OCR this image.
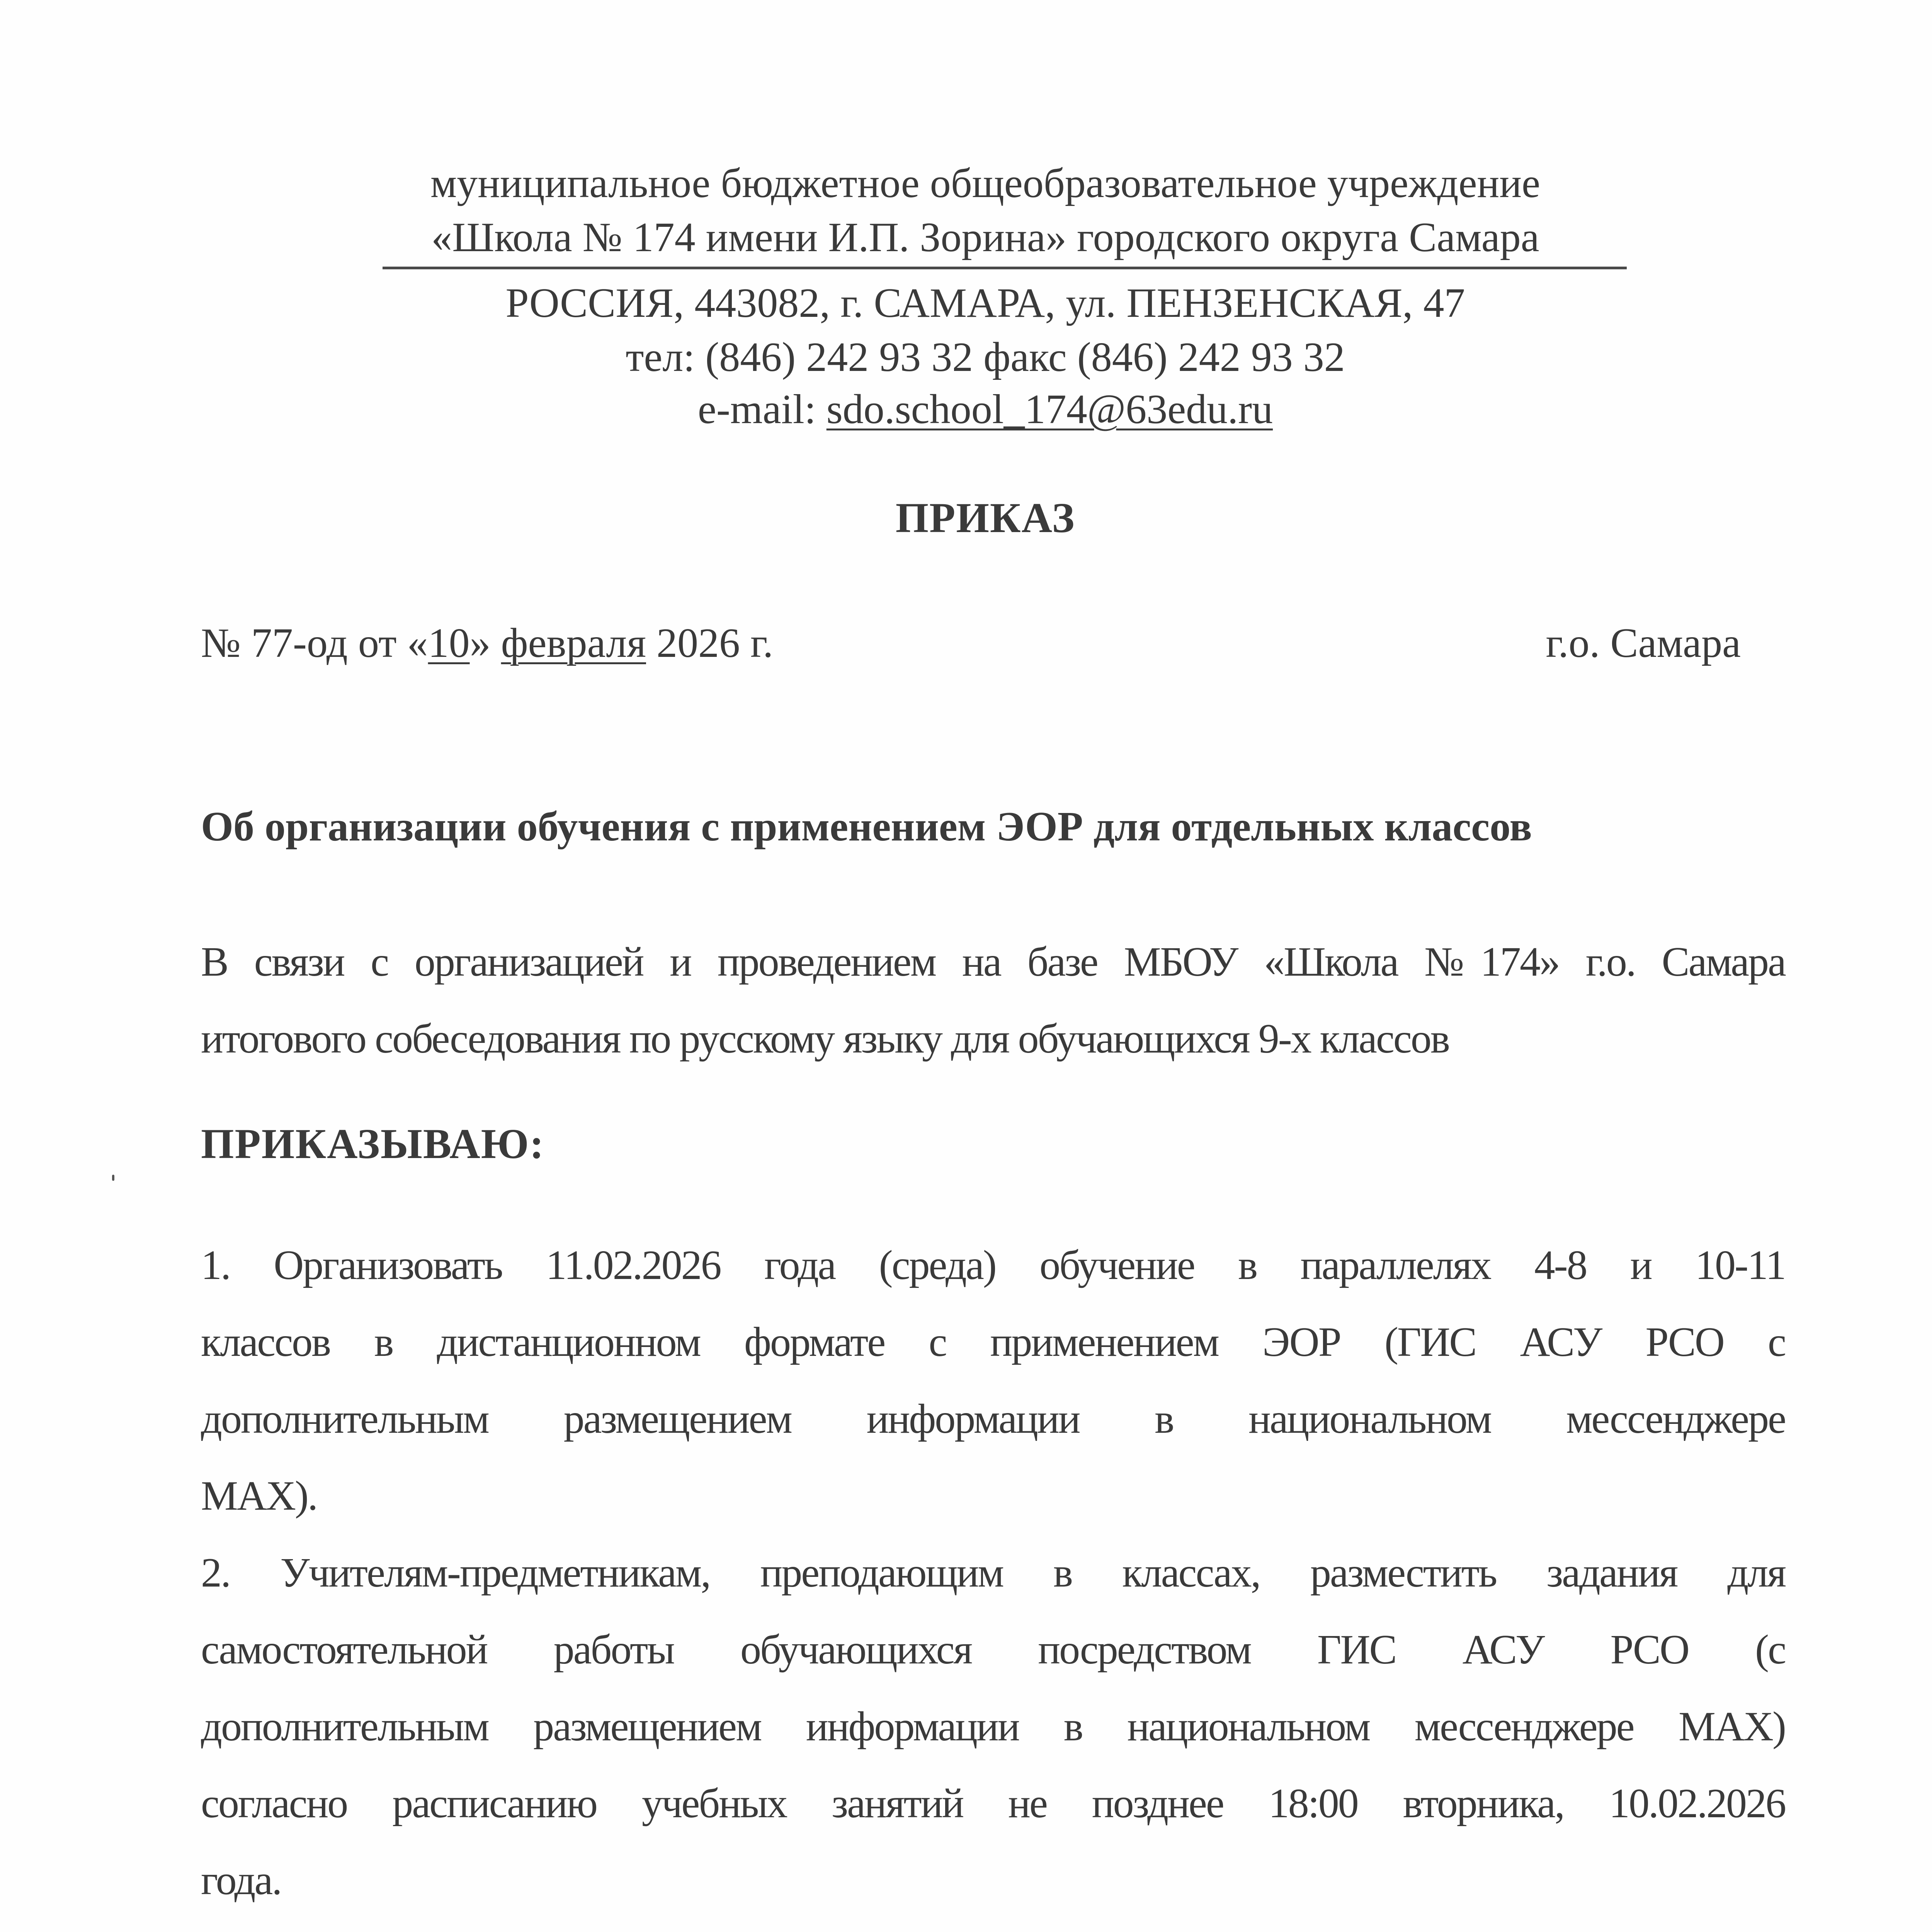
муниципальное бюджетное общеобразовательное учреждение
«Школа № 174 имени И.П. Зорина» городского округа Самара
РОССИЯ, 443082, г. САМАРА, ул. ПЕНЗЕНСКАЯ, 47
тел: (846) 242 93 32 факс (846) 242 93 32
e-mail: sdo.school_174@63edu.ru
ПРИКАЗ
№ 77-од от «10» февраля 2026 г.	г.о. Самара
Об организации обучения с применением ЭОР для отдельных классов
В связи с организацией и проведением на базе МБОУ «Школа №174» г.о. Самара
итогового собеседования по русскому языку для обучающихся 9-х классов
ПРИКАЗЫВАЮ:
1. Организовать 11.02.2026 года (среда) обучение в параллелях 4-8 и 10-11
классов в дистанционном формате с применением ЭОР (ГИС АСУ РСО с
дополнительным размещением информации в национальном мессенджере
MAX).
2. Учителям-предметникам, преподающим в классах, разместить задания для
самостоятельной работы обучающихся посредством ГИС АСУ РСО (с
дополнительным размещением информации в национальном мессенджере MAX)
согласно расписанию учебных занятий не позднее 18:00 вторника, 10.02.2026
года.
